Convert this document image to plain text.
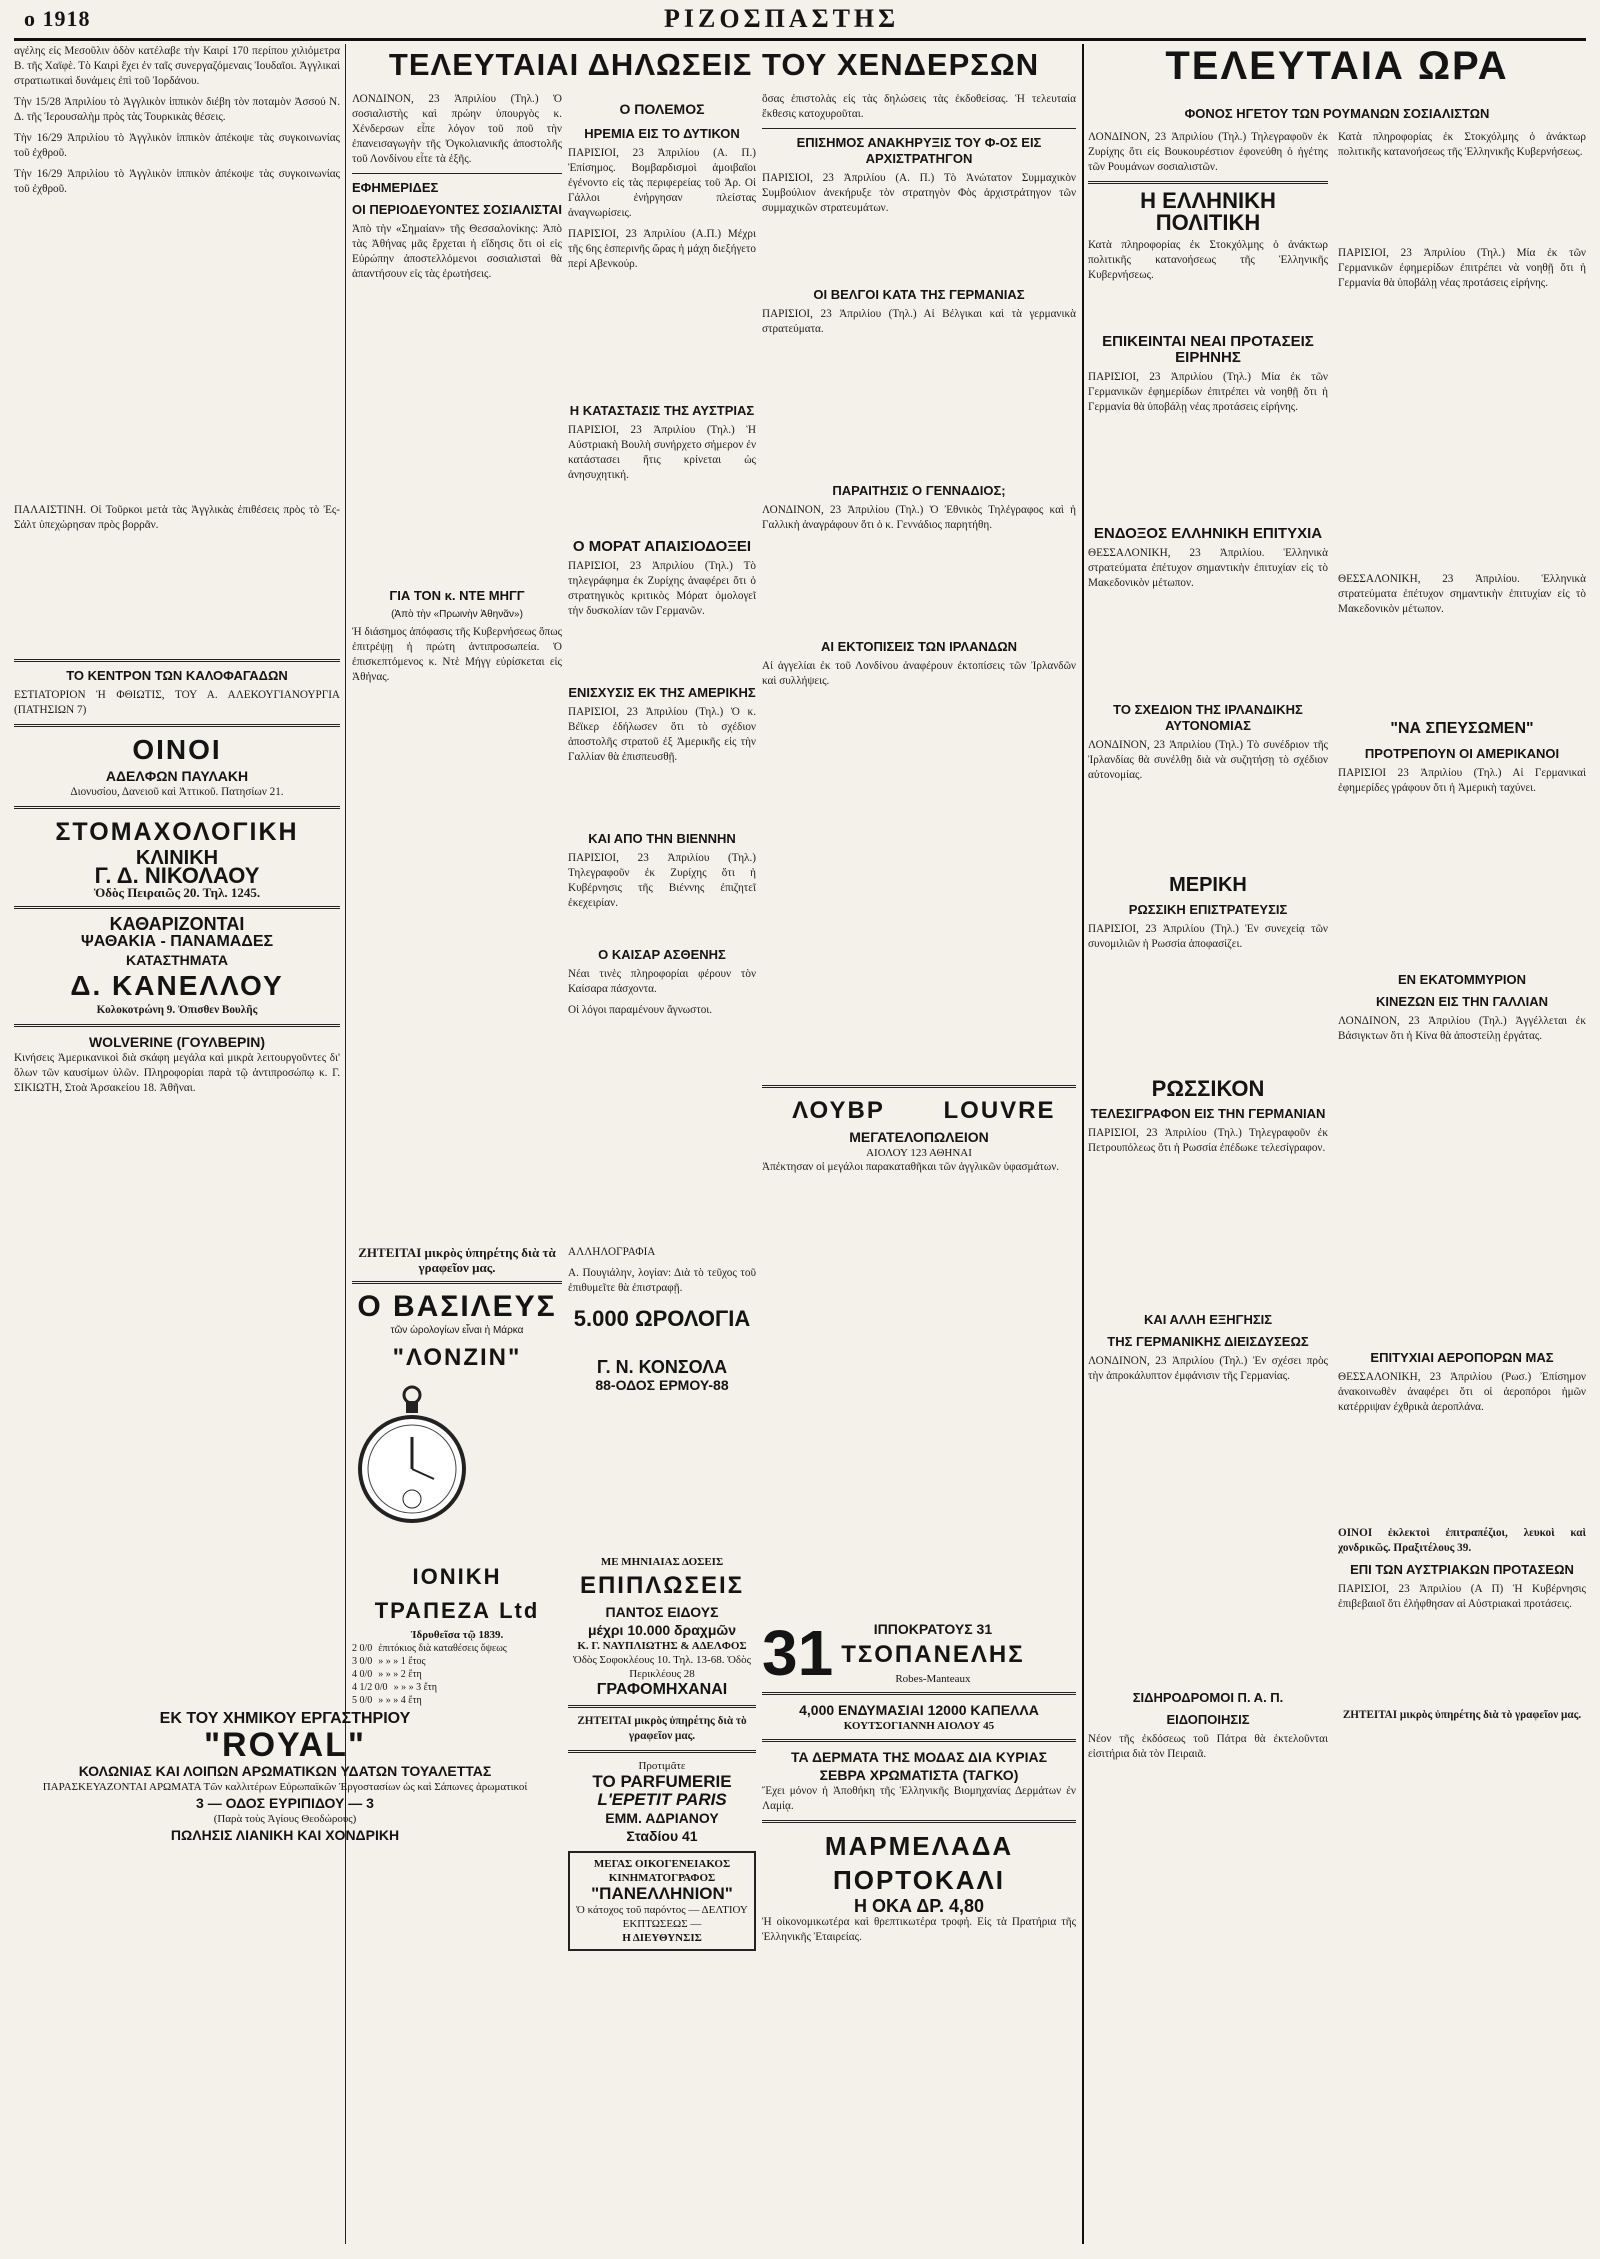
ο 1918	ΡΙΖΟΣΠΑΣΤΗΣ

αγέλης εἰς Μεσοῦλιν ὁδὸν κατέλαβε τὴν Καιρί 170 περίπου χιλιόμετρα Β. τῆς Χαϊφὲ. Τὸ Καιρὶ ἔχει ἐν ταῖς συνεργαζόμεναις Ἰουδαῖοι. Ἀγγλικαὶ στρατιωτικαὶ δυνάμεις ἐπὶ τοῦ Ἰορδάνου.

Τὴν 15/28 Ἀπριλίου τὸ Ἀγγλικὸν ἱππικὸν διέβη τὸν ποταμὸν Ἀσσού Ν. Δ. τῆς Ἱερουσαλὴμ πρὸς τὰς Τουρκικὰς θέσεις.

Τὴν 16/29 Ἀπριλίου τὸ Ἀγγλικὸν ἱππικὸν ἀπέκοψε τὰς συγκοινωνίας τοῦ ἐχθροῦ.

Τὴν 16/29 Ἀπριλίου τὸ Ἀγγλικὸν ἱππικὸν ἀπέκοψε τὰς συγκοινωνίας τοῦ ἐχθροῦ.

ΠΑΛΑΙΣΤΙΝΗ. Οἱ Τοῦρκοι μετὰ τὰς Ἀγγλικὰς ἐπιθέσεις πρὸς τὸ Ἐς-Σάλτ ὑπεχώρησαν πρὸς βορρᾶν.

ΤΟ ΚΕΝΤΡΟΝ ΤΩΝ ΚΑΛΟΦΑΓΑΔΩΝ

ΕΣΤΙΑΤΟΡΙΟΝ Ἡ ΦΘΙΩΤΙΣ, ΤΟΥ Α. ΑΛΕΚΟΥΓΙΑΝΟΥΡΓΙΑ (ΠΑΤΗΣΙΩΝ 7)

ΟΙΝΟΙ
ΑΔΕΛΦΩΝ ΠΑΥΛΑΚΗ

Διονυσίου, Δανειοῦ καὶ Ἀττικοῦ. Πατησίων 21.

ΣΤΟΜΑΧΟΛΟΓΙΚΗ
ΚΛΙΝΙΚΗ
Γ. Δ. ΝΙΚΟΛΑΟΥ

Ὁδὸς Πειραιῶς 20. Τηλ. 1245.

ΚΑΘΑΡΙΖΟΝΤΑΙ
ΨΑΘΑΚΙΑ - ΠΑΝΑΜΑΔΕΣ
ΚΑΤΑΣΤΗΜΑΤΑ
Δ. ΚΑΝΕΛΛΟΥ

Κολοκοτρώνη 9. Ὀπισθεν Βουλῆς

WOLVERINE (ΓΟΥΛΒΕΡΙΝ)

Κινήσεις Ἀμερικανικοὶ διὰ σκάφη μεγάλα καὶ μικρὰ λειτουργοῦντες δι' ὅλων τῶν καυσίμων ὑλῶν. Πληροφορίαι παρὰ τῷ ἀντιπροσώπῳ κ. Γ. ΣΙΚΙΩΤΗ, Στοὰ Ἀρσακείου 18. Ἀθῆναι.

ΤΕΛΕΥΤΑΙΑΙ ΔΗΛΩΣΕΙΣ ΤΟΥ ΧΕΝΔΕΡΣΩΝ

ΛΟΝΔΙΝΟΝ, 23 Ἀπριλίου (Τηλ.) Ὁ σοσιαλιστὴς καὶ πρώην ὑπουργὸς κ. Χένδερσων εἶπε λόγον τοῦ ποῦ τὴν ἐπανεισαγωγὴν τῆς Ὀγκολιανικῆς ἀποστολῆς τοῦ Λονδίνου εἶτε τὰ ἐξῆς.

ΕΦΗΜΕΡΙΔΕΣ
ΟΙ ΠΕΡΙΟΔΕΥΟΝΤΕΣ ΣΟΣΙΑΛΙΣΤΑΙ

Ἀπὸ τὴν «Σημαίαν» τῆς Θεσσαλονίκης: Ἀπὸ τὰς Ἀθήνας μᾶς ἔρχεται ἡ εἴδησις ὅτι οἱ εἰς Εὐρώπην ἀποστελλόμενοι σοσιαλισταὶ θὰ ἀπαντήσουν εἰς τὰς ἐρωτήσεις.

ΓΙΑ ΤΟΝ κ. ΝΤΕ ΜΗΓΓ
(Ἀπὸ τὴν «Πρωινὴν Ἀθηνᾶν»)

Ἡ διάσημος ἀπόφασις τῆς Κυβερνήσεως ὅπως ἐπιτρέψῃ ἡ πρώτη ἀντιπροσωπεία. Ὁ ἐπισκεπτόμενος κ. Ντὲ Μήγγ εὐρίσκεται εἰς Ἀθήνας.

Ο ΠΟΛΕΜΟΣ
ΗΡΕΜΙΑ ΕΙΣ ΤΟ ΔΥΤΙΚΟΝ

ΠΑΡΙΣΙΟΙ, 23 Ἀπριλίου (Α. Π.) Ἐπίσημος. Βομβαρδισμοὶ ἀμοιβαῖοι ἐγένοντο εἰς τὰς περιφερείας τοῦ Ἀρ. Οἱ Γάλλοι ἐνήργησαν πλείστας ἀναγνωρίσεις.

ΠΑΡΙΣΙΟΙ, 23 Ἀπριλίου (Α.Π.) Μέχρι τῆς 6ης ἑσπερινῆς ὥρας ἡ μάχη διεξήγετο περί Αβενκούρ.

Η ΚΑΤΑΣΤΑΣΙΣ ΤΗΣ ΑΥΣΤΡΙΑΣ

ΠΑΡΙΣΙΟΙ, 23 Ἀπριλίου (Τηλ.) Ἡ Αὐστριακὴ Βουλὴ συνήρχετο σήμερον ἐν κατάστασει ἥτις κρίνεται ὡς ἀνησυχητική.

Ο ΜΟΡΑΤ ΑΠΑΙΣΙΟΔΟΞΕΙ

ΠΑΡΙΣΙΟΙ, 23 Ἀπριλίου (Τηλ.) Τὸ τηλεγράφημα ἐκ Ζυρίχης ἀναφέρει ὅτι ὁ στρατηγικὸς κριτικὸς Μόρατ ὁμολογεῖ τὴν δυσκολίαν τῶν Γερμανῶν.

ΕΝΙΣΧΥΣΙΣ ΕΚ ΤΗΣ ΑΜΕΡΙΚΗΣ

ΠΑΡΙΣΙΟΙ, 23 Ἀπριλίου (Τηλ.) Ὁ κ. Βέϊκερ ἐδήλωσεν ὅτι τὸ σχέδιον ἀποστολῆς στρατοῦ ἐξ Ἀμερικῆς εἰς τὴν Γαλλίαν θὰ ἐπισπευσθῇ.

ΚΑΙ ΑΠΟ ΤΗΝ ΒΙΕΝΝΗΝ

ΠΑΡΙΣΙΟΙ, 23 Ἀπριλίου (Τηλ.) Τηλεγραφοῦν ἐκ Ζυρίχης ὅτι ἡ Κυβέρνησις τῆς Βιέννης ἐπιζητεῖ ἐκεχειρίαν.

Ο ΚΑΙΣΑΡ ΑΣΘΕΝΗΣ

Νέαι τινὲς πληροφορίαι φέρουν τὸν Καίσαρα πάσχοντα.

Οἱ λόγοι παραμένουν ἄγνωστοι.

ΖΗΤΕΙΤΑΙ μικρὸς ὑπηρέτης διὰ τὰ γραφεῖον μας.

Ο ΒΑΣΙΛΕΥΣ
τῶν ὡρολογίων εἶναι ἡ Μάρκα
"ΛΟΝΖΙΝ"

ΑΛΛΗΛΟΓΡΑΦΙΑ

Α. Πουγιάλην, λογίαν: Διὰ τὸ τεῦχος τοῦ ἐπιθυμεῖτε θὰ ἐπιστραφῇ.

5.000 ΩΡΟΛΟΓΙΑ
Γ. Ν. ΚΟΝΣΟΛΑ
88-ΟΔΟΣ ΕΡΜΟΥ-88

ὅσας ἐπιστολὰς εἰς τὰς δηλώσεις τὰς ἐκδοθείσας. Ἡ τελευταία ἔκθεσις κατοχυροῦται.

ΕΠΙΣΗΜΟΣ ΑΝΑΚΗΡΥΞΙΣ ΤΟΥ Φ-ΟΣ ΕΙΣ ΑΡΧΙΣΤΡΑΤΗΓΟΝ

ΠΑΡΙΣΙΟΙ, 23 Ἀπριλίου (Α. Π.) Τὸ Ἀνώτατον Συμμαχικὸν Συμβούλιον ἀνεκήρυξε τὸν στρατηγὸν Φὸς ἀρχιστράτηγον τῶν συμμαχικῶν στρατευμάτων.

ΟΙ ΒΕΛΓΟΙ ΚΑΤΑ ΤΗΣ ΓΕΡΜΑΝΙΑΣ

ΠΑΡΙΣΙΟΙ, 23 Ἀπριλίου (Τηλ.) Αἱ Βέλγικαι καὶ τὰ γερμανικὰ στρατεύματα.

ΠΑΡΑΙΤΗΣΙΣ Ο ΓΕΝΝΑΔΙΟΣ;

ΛΟΝΔΙΝΟΝ, 23 Ἀπριλίου (Τηλ.) Ὁ Ἐθνικὸς Τηλέγραφος καὶ ἡ Γαλλικὴ ἀναγράφουν ὅτι ὁ κ. Γεννάδιος παρητήθη.

ΑΙ ΕΚΤΟΠΙΣΕΙΣ ΤΩΝ ΙΡΛΑΝΔΩΝ

Αἱ ἀγγελίαι ἐκ τοῦ Λονδίνου ἀναφέρουν ἐκτοπίσεις τῶν Ἰρλανδῶν καὶ συλλήψεις.

ΛΟΥΒΡ	LOUVRE
ΜΕΓΑΤΕΛΟΠΩΛΕΙΟΝ
ΑΙΟΛΟΥ 123 ΑΘΗΝΑΙ

Ἀπέκτησαν οἱ μεγάλοι παρακαταθῆκαι τῶν ἀγγλικῶν ὑφασμάτων.

ΜΕ ΜΗΝΙΑΙΑΣ ΔΟΣΕΙΣ
ΕΠΙΠΛΩΣΕΙΣ
ΠΑΝΤΟΣ ΕΙΔΟΥΣ
μέχρι 10.000 δραχμῶν
Κ. Γ. ΝΑΥΠΛΙΩΤΗΣ & ΑΔΕΛΦΟΣ
Ὁδὸς Σοφοκλέους 10. Τηλ. 13-68. Ὁδὸς Περικλέους 28
ΓΡΑΦΟΜΗΧΑΝΑΙ

ΖΗΤΕΙΤΑΙ μικρὸς ὑπηρέτης διὰ τὸ γραφεῖον μας.

Προτιμᾶτε
ΤΟ PARFUMERIE
L'EPETIT PARIS
ΕΜΜ. ΑΔΡΙΑΝΟΥ
Σταδίου 41
ΜΕΓΑΣ ΟΙΚΟΓΕΝΕΙΑΚΟΣ ΚΙΝΗΜΑΤΟΓΡΑΦΟΣ
"ΠΑΝΕΛΛΗΝΙΟΝ"
Ὁ κάτοχος τοῦ παρόντος — ΔΕΛΤΙΟΥ ΕΚΠΤΩΣΕΩΣ —
Η ΔΙΕΥΘΥΝΣΙΣ
ΙΟΝΙΚΗ ΤΡΑΠΕΖΑ Ltd
Ἱδρυθεῖσα τῷ 1839.
2 0/0 ἐπιτόκιος διὰ καταθέσεις ὄψεως
3 0/0 » » » 1 ἔτος
4 0/0 » » » 2 ἔτη
4 1/2 0/0 » » » 3 ἔτη
5 0/0 » » » 4 ἔτη
ΕΚ ΤΟΥ ΧΗΜΙΚΟΥ ΕΡΓΑΣΤΗΡΙΟΥ
"ROYAL"
ΚΟΛΩΝΙΑΣ ΚΑΙ ΛΟΙΠΩΝ ΑΡΩΜΑΤΙΚΩΝ ΥΔΑΤΩΝ ΤΟΥΑΛΕΤΤΑΣ
ΠΑΡΑΣΚΕΥΑΖΟΝΤΑΙ ΑΡΩΜΑΤΑ Τῶν καλλιτέρων Εὐρωπαϊκῶν Ἐργοστασίων ὡς καὶ Σάπωνες ἀρωματικοί
3 — ΟΔΟΣ ΕΥΡΙΠΙΔΟΥ — 3
(Παρὰ τοὺς Ἁγίους Θεοδώρους)
ΠΩΛΗΣΙΣ ΛΙΑΝΙΚΗ ΚΑΙ ΧΟΝΔΡΙΚΗ
31	ΙΠΠΟΚΡΑΤΟΥΣ 31
ΤΣΟΠΑΝΕΛΗΣ
Robes-Manteaux
4,000 ΕΝΔΥΜΑΣΙΑΙ 12000 ΚΑΠΕΛΛΑ
ΚΟΥΤΣΟΓΙΑΝΝΗ ΑΙΟΛΟΥ 45
ΤΑ ΔΕΡΜΑΤΑ ΤΗΣ ΜΟΔΑΣ ΔΙΑ ΚΥΡΙΑΣ
ΣΕΒΡΑ ΧΡΩΜΑΤΙΣΤΑ (ΤΑΓΚΟ)

Ἔχει μόνον ἡ Ἀποθήκη τῆς Ἑλληνικῆς Βιομηχανίας Δερμάτων ἐν Λαμίᾳ.

ΜΑΡΜΕΛΑΔΑ
ΠΟΡΤΟΚΑΛΙ
Η ΟΚΑ ΔΡ. 4,80

Ἡ οἰκονομικωτέρα καὶ θρεπτικωτέρα τροφή. Εἰς τὰ Πρατήρια τῆς Ἑλληνικῆς Ἑταιρείας.

ΤΕΛΕΥΤΑΙΑ ΩΡΑ
ΦΟΝΟΣ ΗΓΕΤΟΥ ΤΩΝ ΡΟΥΜΑΝΩΝ ΣΟΣΙΑΛΙΣΤΩΝ

ΛΟΝΔΙΝΟΝ, 23 Ἀπριλίου (Τηλ.) Τηλεγραφοῦν ἐκ Ζυρίχης ὅτι εἰς Βουκουρέστιον ἐφονεύθη ὁ ἡγέτης τῶν Ρουμάνων σοσιαλιστῶν.

Η ΕΛΛΗΝΙΚΗ ΠΟΛΙΤΙΚΗ

Κατὰ πληροφορίας ἐκ Στοκχόλμης ὁ ἀνάκτωρ πολιτικῆς κατανοήσεως τῆς Ἑλληνικῆς Κυβερνήσεως.

ΕΠΙΚΕΙΝΤΑΙ ΝΕΑΙ ΠΡΟΤΑΣΕΙΣ ΕΙΡΗΝΗΣ

ΠΑΡΙΣΙΟΙ, 23 Ἀπριλίου (Τηλ.) Μία ἐκ τῶν Γερμανικῶν ἐφημερίδων ἐπιτρέπει νὰ νοηθῇ ὅτι ἡ Γερμανία θὰ ὑποβάλῃ νέας προτάσεις εἰρήνης.

ΕΝΔΟΞΟΣ ΕΛΛΗΝΙΚΗ ΕΠΙΤΥΧΙΑ

ΘΕΣΣΑΛΟΝΙΚΗ, 23 Ἀπριλίου. Ἑλληνικὰ στρατεύματα ἐπέτυχον σημαντικὴν ἐπιτυχίαν εἰς τὸ Μακεδονικὸν μέτωπον.

ΤΟ ΣΧΕΔΙΟΝ ΤΗΣ ΙΡΛΑΝΔΙΚΗΣ ΑΥΤΟΝΟΜΙΑΣ

ΛΟΝΔΙΝΟΝ, 23 Ἀπριλίου (Τηλ.) Τὸ συνέδριον τῆς Ἰρλανδίας θὰ συνέλθῃ διὰ νὰ συζητήσῃ τὸ σχέδιον αὐτονομίας.

ΜΕΡΙΚΗ
ΡΩΣΣΙΚΗ ΕΠΙΣΤΡΑΤΕΥΣΙΣ

ΠΑΡΙΣΙΟΙ, 23 Ἀπριλίου (Τηλ.) Ἐν συνεχείᾳ τῶν συνομιλιῶν ἡ Ρωσσία ἀποφασίζει.

ΡΩΣΣΙΚΟΝ
ΤΕΛΕΣΙΓΡΑΦΟΝ ΕΙΣ ΤΗΝ ΓΕΡΜΑΝΙΑΝ

ΠΑΡΙΣΙΟΙ, 23 Ἀπριλίου (Τηλ.) Τηλεγραφοῦν ἐκ Πετρουπόλεως ὅτι ἡ Ρωσσία ἐπέδωκε τελεσίγραφον.

ΚΑΙ ΑΛΛΗ ΕΞΗΓΗΣΙΣ
ΤΗΣ ΓΕΡΜΑΝΙΚΗΣ ΔΙΕΙΣΔΥΣΕΩΣ

ΛΟΝΔΙΝΟΝ, 23 Ἀπριλίου (Τηλ.) Ἐν σχέσει πρὸς τὴν ἀπροκάλυπτον ἐμφάνισιν τῆς Γερμανίας.

ΣΙΔΗΡΟΔΡΟΜΟΙ Π. Α. Π.
ΕΙΔΟΠΟΙΗΣΙΣ

Νέον τῆς ἐκδόσεως τοῦ Πάτρα θὰ ἐκτελοῦνται εἰσιτήρια διὰ τὸν Πειραιᾶ.

Κατὰ πληροφορίας ἐκ Στοκχόλμης ὁ ἀνάκτωρ πολιτικῆς κατανοήσεως τῆς Ἑλληνικῆς Κυβερνήσεως.

ΠΑΡΙΣΙΟΙ, 23 Ἀπριλίου (Τηλ.) Μία ἐκ τῶν Γερμανικῶν ἐφημερίδων ἐπιτρέπει νὰ νοηθῇ ὅτι ἡ Γερμανία θὰ ὑποβάλῃ νέας προτάσεις εἰρήνης.

ΘΕΣΣΑΛΟΝΙΚΗ, 23 Ἀπριλίου. Ἑλληνικὰ στρατεύματα ἐπέτυχον σημαντικὴν ἐπιτυχίαν εἰς τὸ Μακεδονικὸν μέτωπον.

"ΝΑ ΣΠΕΥΣΩΜΕΝ"
ΠΡΟΤΡΕΠΟΥΝ ΟΙ ΑΜΕΡΙΚΑΝΟΙ

ΠΑΡΙΣΙΟΙ 23 Ἀπριλίου (Τηλ.) Αἱ Γερμανικαὶ ἐφημερίδες γράφουν ὅτι ἡ Ἀμερικὴ ταχύνει.

ΕΝ ΕΚΑΤΟΜΜΥΡΙΟΝ
ΚΙΝΕΖΩΝ ΕΙΣ ΤΗΝ ΓΑΛΛΙΑΝ

ΛΟΝΔΙΝΟΝ, 23 Ἀπριλίου (Τηλ.) Ἀγγέλλεται ἐκ Βάσιγκτων ὅτι ἡ Κίνα θὰ ἀποστείλῃ ἐργάτας.

ΕΠΙΤΥΧΙΑΙ ΑΕΡΟΠΟΡΩΝ ΜΑΣ

ΘΕΣΣΑΛΟΝΙΚΗ, 23 Ἀπριλίου (Ρωσ.) Ἐπίσημον ἀνακοινωθὲν ἀναφέρει ὅτι οἱ ἀεροπόροι ἡμῶν κατέρριψαν ἐχθρικὰ ἀεροπλάνα.

ΟΙΝΟΙ ἐκλεκτοὶ ἐπιτραπέζιοι, λευκοὶ καὶ χονδρικῶς. Πραξιτέλους 39.

ΕΠΙ ΤΩΝ ΑΥΣΤΡΙΑΚΩΝ ΠΡΟΤΑΣΕΩΝ

ΠΑΡΙΣΙΟΙ, 23 Ἀπριλίου (Α Π) Ἡ Κυβέρνησις ἐπιβεβαιοῖ ὅτι ἐλήφθησαν αἱ Αὐστριακαὶ προτάσεις.

ΖΗΤΕΙΤΑΙ μικρὸς ὑπηρέτης διὰ τὸ γραφεῖον μας.
